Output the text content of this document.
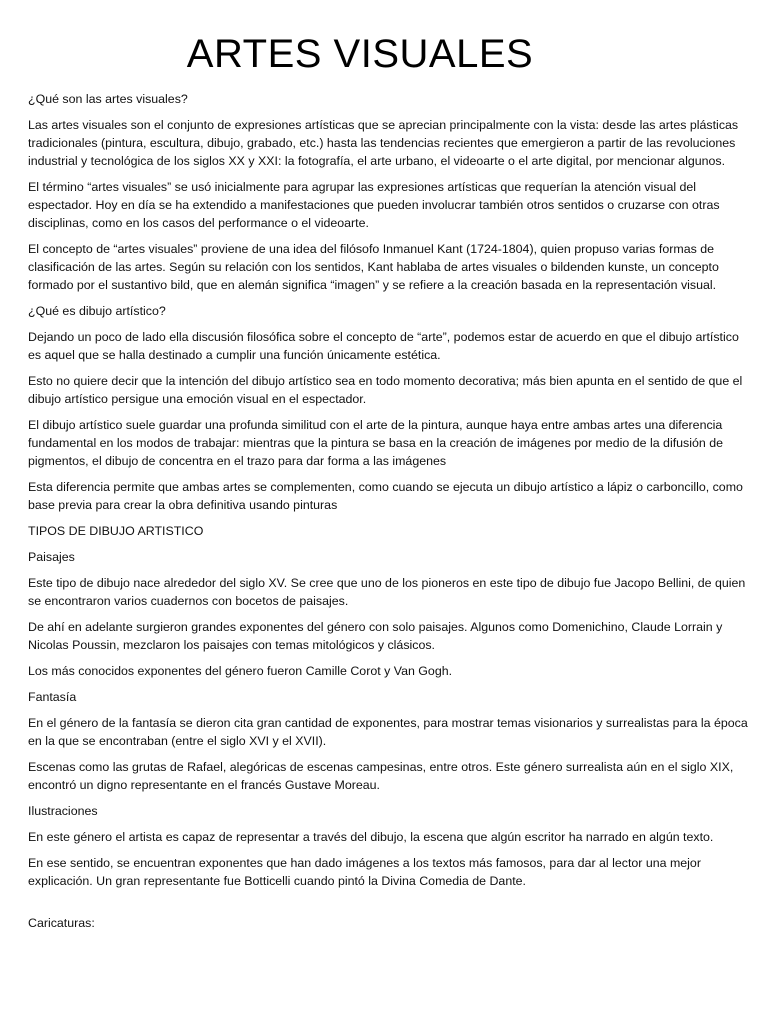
ARTES VISUALES

¿Qué son las artes visuales?

Las artes visuales son el conjunto de expresiones artísticas que se aprecian principalmente con la vista: desde las artes plásticas tradicionales (pintura, escultura, dibujo, grabado, etc.) hasta las tendencias recientes que emergieron a partir de las revoluciones industrial y tecnológica de los siglos XX y XXI: la fotografía, el arte urbano, el videoarte o el arte digital, por mencionar algunos.

El término “artes visuales” se usó inicialmente para agrupar las expresiones artísticas que requerían la atención visual del espectador. Hoy en día se ha extendido a manifestaciones que pueden involucrar también otros sentidos o cruzarse con otras disciplinas, como en los casos del performance o el videoarte.

El concepto de “artes visuales” proviene de una idea del filósofo Inmanuel Kant (1724-1804), quien propuso varias formas de clasificación de las artes. Según su relación con los sentidos, Kant hablaba de artes visuales o bildenden kunste, un concepto formado por el sustantivo bild, que en alemán significa “imagen” y se refiere a la creación basada en la representación visual.

¿Qué es dibujo artístico?

Dejando un poco de lado ella discusión filosófica sobre el concepto de “arte”, podemos estar de acuerdo en que el dibujo artístico es aquel que se halla destinado a cumplir una función únicamente estética.

Esto no quiere decir que la intención del dibujo artístico sea en todo momento decorativa; más bien apunta en el sentido de que el dibujo artístico persigue una emoción visual en el espectador.

El dibujo artístico suele guardar una profunda similitud con el arte de la pintura, aunque haya entre ambas artes una diferencia fundamental en los modos de trabajar: mientras que la pintura se basa en la creación de imágenes por medio de la difusión de pigmentos, el dibujo de concentra en el trazo para dar forma a las imágenes

Esta diferencia permite que ambas artes se complementen, como cuando se ejecuta un dibujo artístico a lápiz o carboncillo, como base previa para crear la obra definitiva usando pinturas

TIPOS DE DIBUJO ARTISTICO

Paisajes

Este tipo de dibujo nace alrededor del siglo XV. Se cree que uno de los pioneros en este tipo de dibujo fue Jacopo Bellini, de quien se encontraron varios cuadernos con bocetos de paisajes.

De ahí en adelante surgieron grandes exponentes del género con solo paisajes. Algunos como Domenichino, Claude Lorrain y Nicolas Poussin, mezclaron los paisajes con temas mitológicos y clásicos.

Los más conocidos exponentes del género fueron Camille Corot y Van Gogh.

Fantasía

En el género de la fantasía se dieron cita gran cantidad de exponentes, para mostrar temas visionarios y surrealistas para la época en la que se encontraban (entre el siglo XVI y el XVII).

Escenas como las grutas de Rafael, alegóricas de escenas campesinas, entre otros. Este género surrealista aún en el siglo XIX, encontró un digno representante en el francés Gustave Moreau.

Ilustraciones

En este género el artista es capaz de representar a través del dibujo, la escena que algún escritor ha narrado en algún texto.

En ese sentido, se encuentran exponentes que han dado imágenes a los textos más famosos, para dar al lector una mejor explicación. Un gran representante fue Botticelli cuando pintó la Divina Comedia de Dante.

Caricaturas:
